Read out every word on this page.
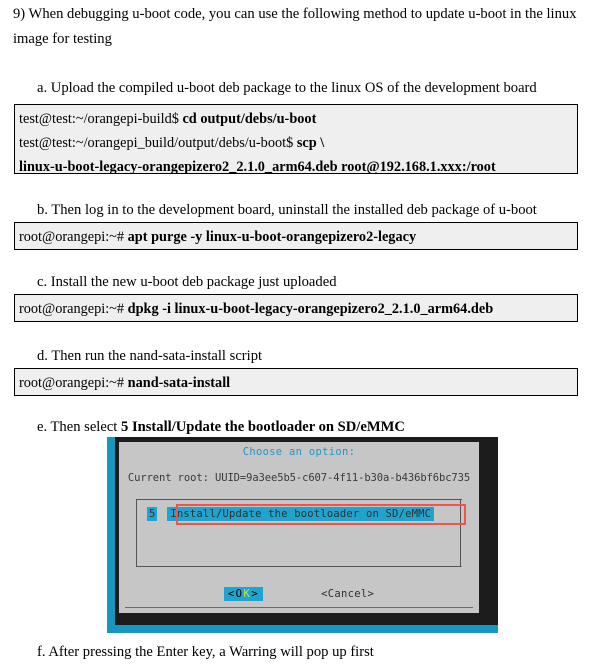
9) When debugging u-boot code, you can use the following method to update u-boot in the linux image for testing

a. Upload the compiled u-boot deb package to the linux OS of the development board

test@test:~/orangepi-build$ cd output/debs/u-boot
test@test:~/orangepi_build/output/debs/u-boot$ scp \
linux-u-boot-legacy-orangepizero2_2.1.0_arm64.deb root@192.168.1.xxx:/root

b. Then log in to the development board, uninstall the installed deb package of u-boot

root@orangepi:~# apt purge -y linux-u-boot-orangepizero2-legacy

c. Install the new u-boot deb package just uploaded

root@orangepi:~# dpkg -i linux-u-boot-legacy-orangepizero2_2.1.0_arm64.deb

d. Then run the nand-sata-install script

root@orangepi:~# nand-sata-install

e. Then select 5 Install/Update the bootloader on SD/eMMC

Choose an option:
Current root: UUID=9a3ee5b5-c607-4f11-b30a-b436bf6bc735
5 Install/Update the bootloader on SD/eMMC
<OK>	<Cancel>

f. After pressing the Enter key, a Warring will pop up first
